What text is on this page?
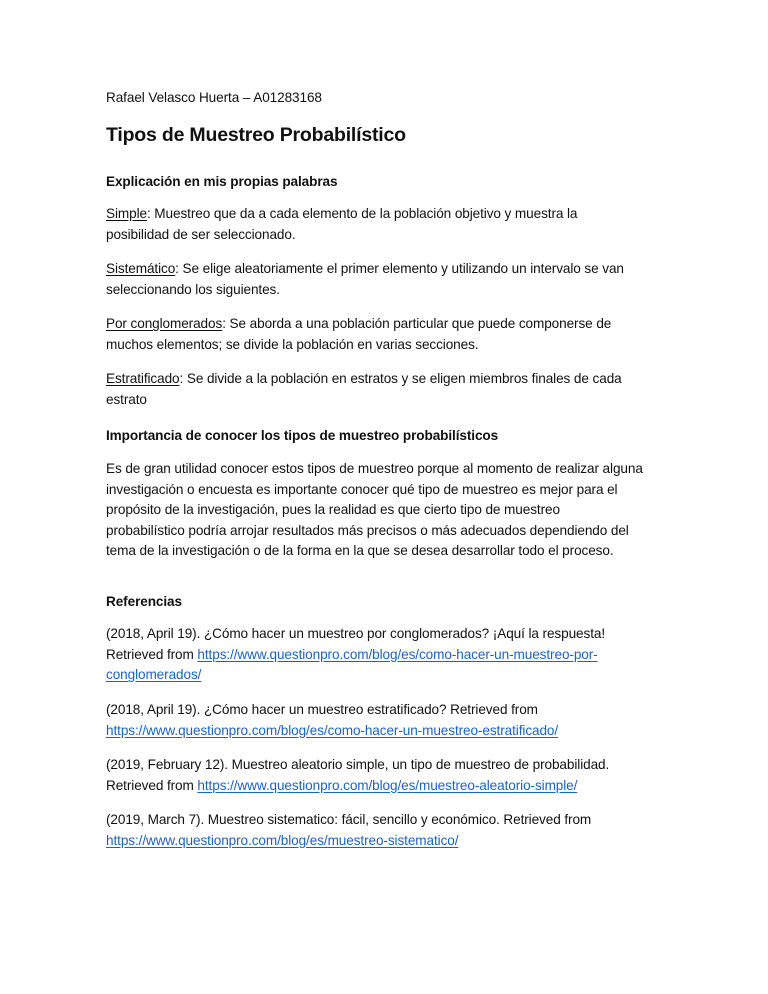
Rafael Velasco Huerta – A01283168
Tipos de Muestreo Probabilístico
Explicación en mis propias palabras
Simple: Muestreo que da a cada elemento de la población objetivo y muestra la
posibilidad de ser seleccionado.
Sistemático: Se elige aleatoriamente el primer elemento y utilizando un intervalo se van
seleccionando los siguientes.
Por conglomerados: Se aborda a una población particular que puede componerse de
muchos elementos; se divide la población en varias secciones.
Estratificado: Se divide a la población en estratos y se eligen miembros finales de cada
estrato
Importancia de conocer los tipos de muestreo probabilísticos
Es de gran utilidad conocer estos tipos de muestreo porque al momento de realizar alguna
investigación o encuesta es importante conocer qué tipo de muestreo es mejor para el
propósito de la investigación, pues la realidad es que cierto tipo de muestreo
probabilístico podría arrojar resultados más precisos o más adecuados dependiendo del
tema de la investigación o de la forma en la que se desea desarrollar todo el proceso.
Referencias
(2018, April 19). ¿Cómo hacer un muestreo por conglomerados? ¡Aquí la respuesta!
Retrieved from https://www.questionpro.com/blog/es/como-hacer-un-muestreo-por-
conglomerados/
(2018, April 19). ¿Cómo hacer un muestreo estratificado? Retrieved from
https://www.questionpro.com/blog/es/como-hacer-un-muestreo-estratificado/
(2019, February 12). Muestreo aleatorio simple, un tipo de muestreo de probabilidad.
Retrieved from https://www.questionpro.com/blog/es/muestreo-aleatorio-simple/
(2019, March 7). Muestreo sistematico: fácil, sencillo y económico. Retrieved from
https://www.questionpro.com/blog/es/muestreo-sistematico/
